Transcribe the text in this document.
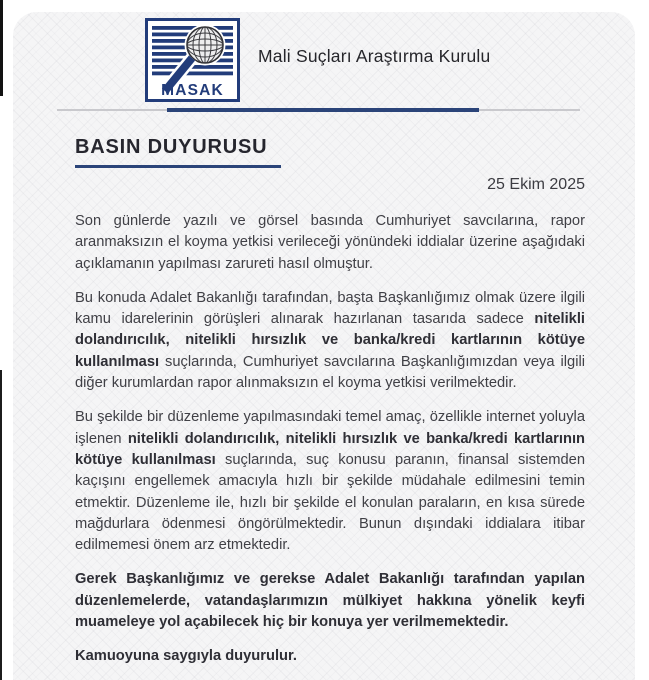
MASAK
Mali Suçları Araştırma Kurulu
BASIN DUYURUSU
25 Ekim 2025

Son günlerde yazılı ve görsel basında Cumhuriyet savcılarına, rapor aranmaksızın el koyma yetkisi verileceği yönündeki iddialar üzerine aşağıdaki açıklamanın yapılması zarureti hasıl olmuştur.

Bu konuda Adalet Bakanlığı tarafından, başta Başkanlığımız olmak üzere ilgili kamu idarelerinin görüşleri alınarak hazırlanan tasarıda sadece nitelikli dolandırıcılık, nitelikli hırsızlık ve banka/kredi kartlarının kötüye kullanılması suçlarında, Cumhuriyet savcılarına Başkanlığımızdan veya ilgili diğer kurumlardan rapor alınmaksızın el koyma yetkisi verilmektedir.

Bu şekilde bir düzenleme yapılmasındaki temel amaç, özellikle internet yoluyla işlenen nitelikli dolandırıcılık, nitelikli hırsızlık ve banka/kredi kartlarının kötüye kullanılması suçlarında, suç konusu paranın, finansal sistemden kaçışını engellemek amacıyla hızlı bir şekilde müdahale edilmesini temin etmektir. Düzenleme ile, hızlı bir şekilde el konulan paraların, en kısa sürede mağdurlara ödenmesi öngörülmektedir. Bunun dışındaki iddialara itibar edilmemesi önem arz etmektedir.

Gerek Başkanlığımız ve gerekse Adalet Bakanlığı tarafından yapılan düzenlemelerde, vatandaşlarımızın mülkiyet hakkına yönelik keyfi muameleye yol açabilecek hiç bir konuya yer verilmemektedir.

Kamuoyuna saygıyla duyurulur.
